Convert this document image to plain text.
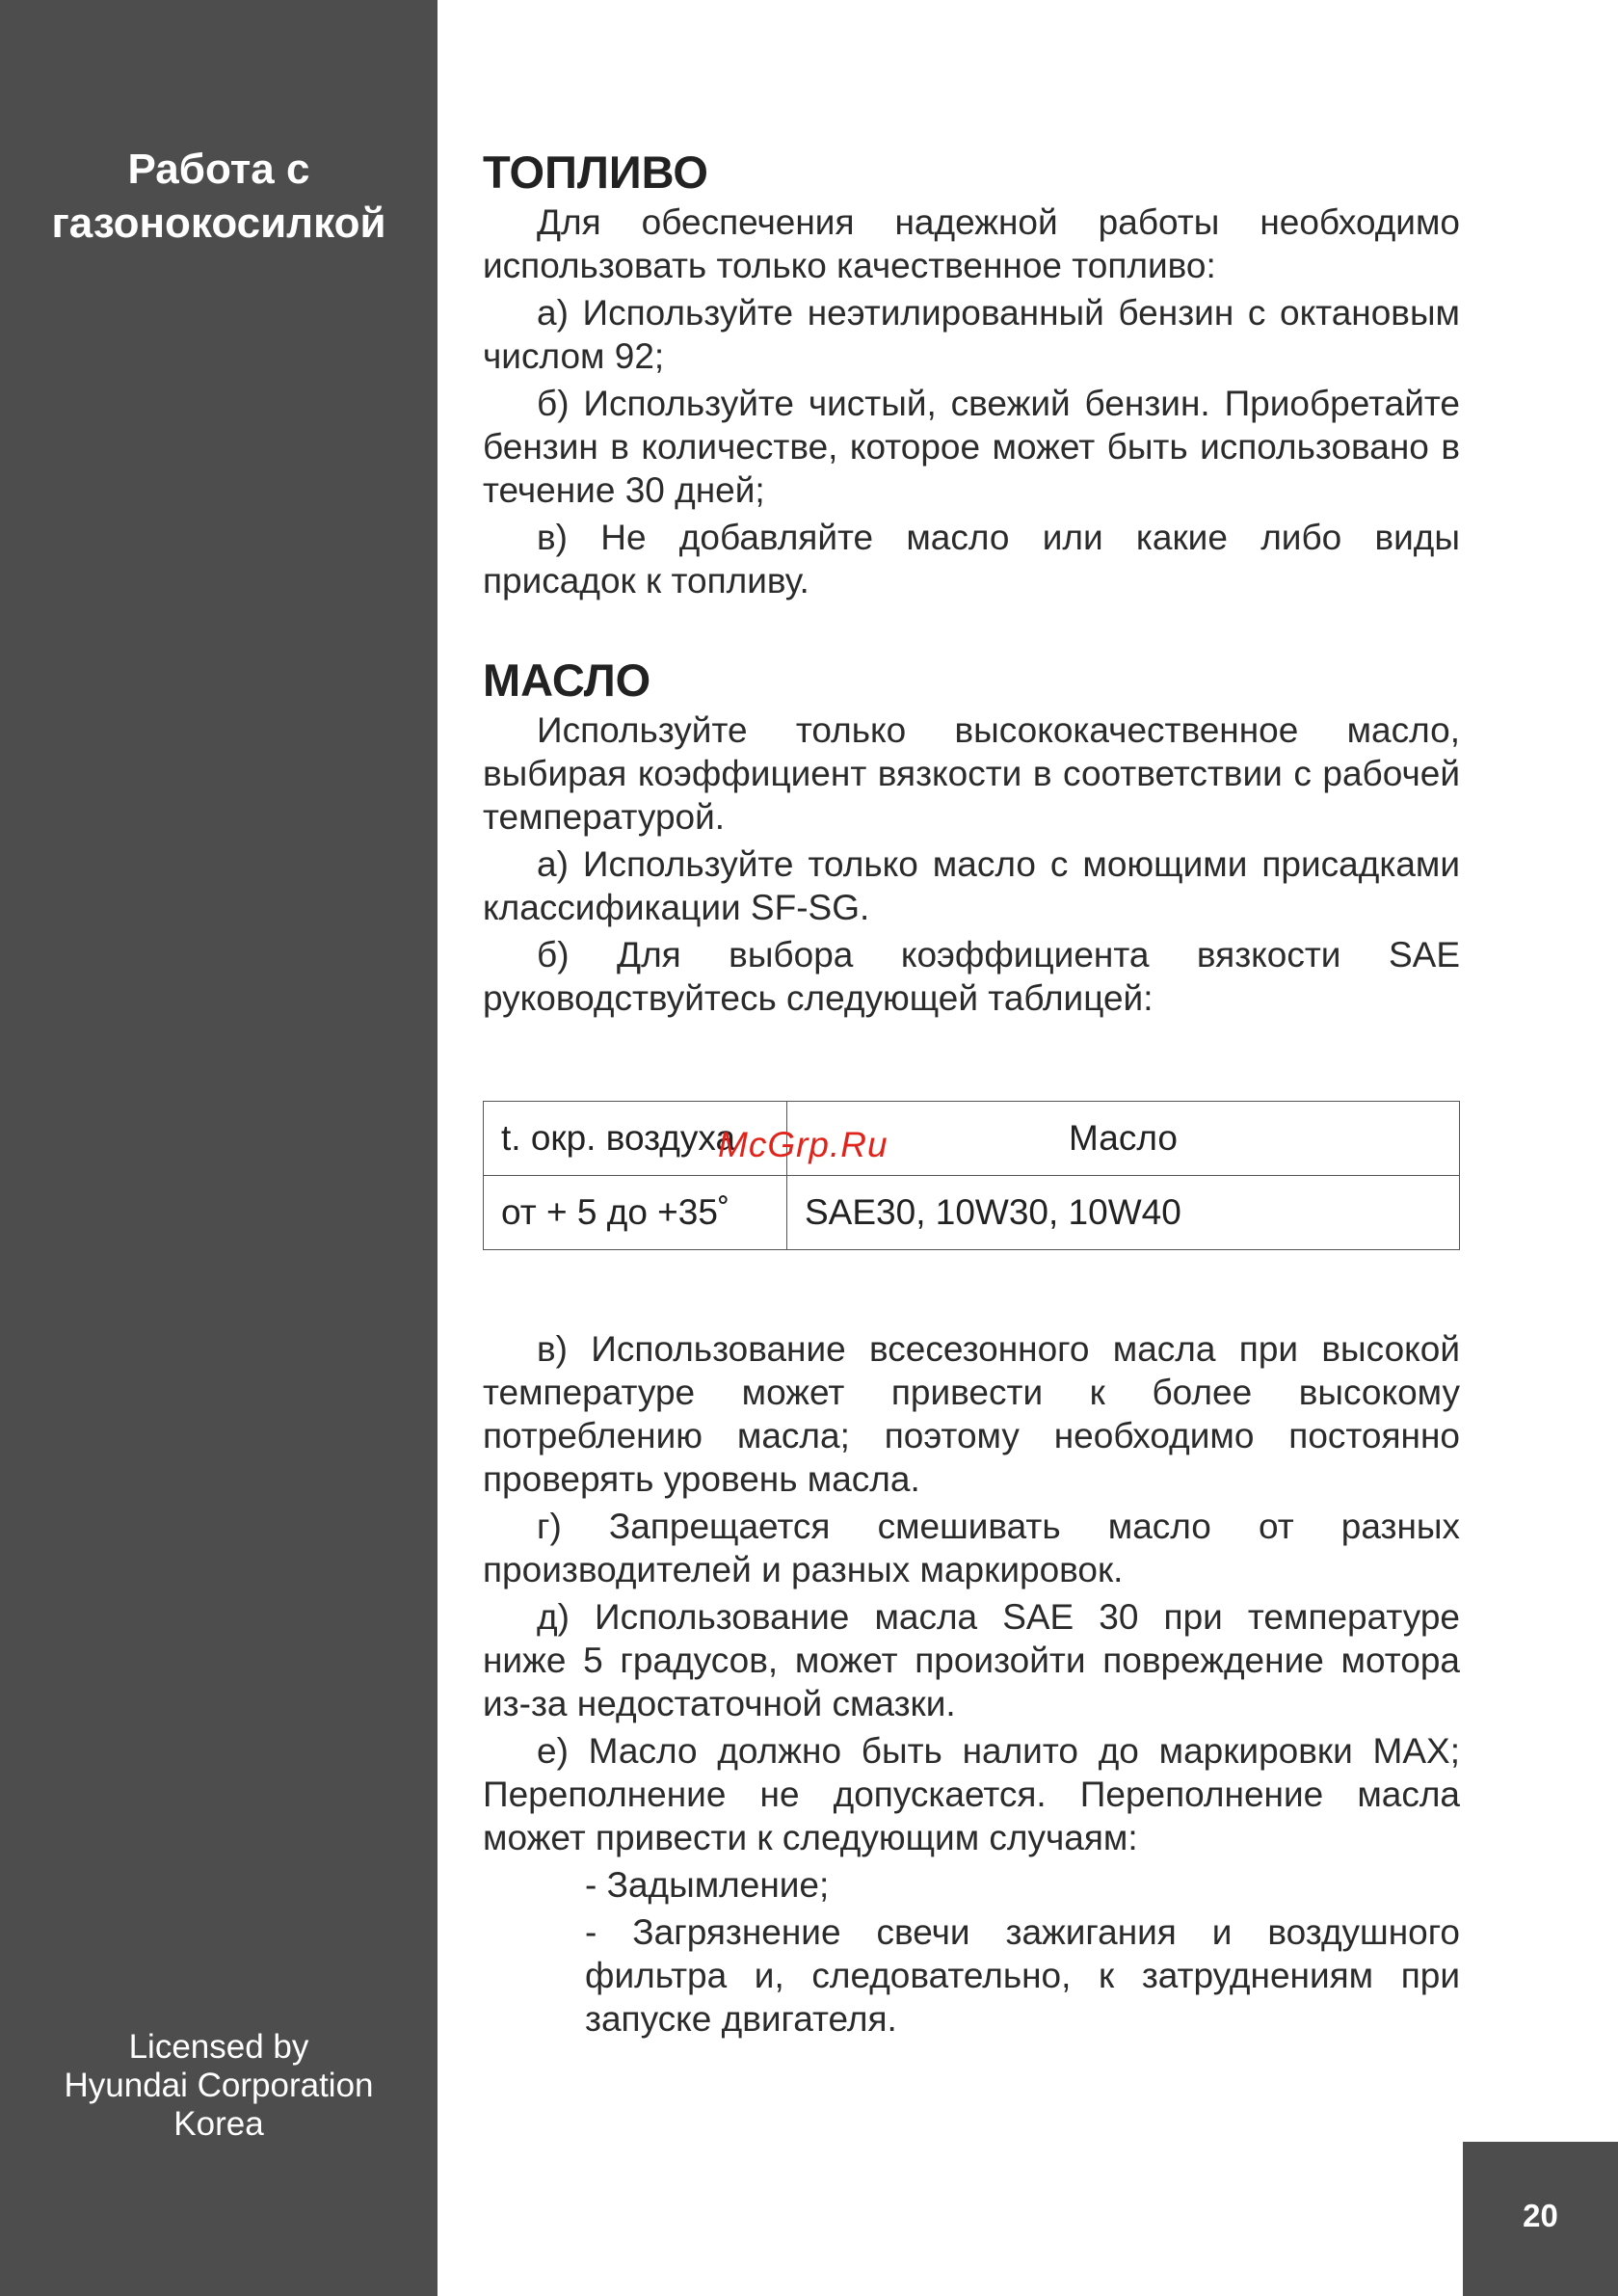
Работа с
газонокосилкой
Licensed by
Hyundai Corporation
Korea
20
ТОПЛИВО

Для обеспечения надежной работы необходимо использовать только качественное топливо:

а) Используйте неэтилированный бензин с октановым числом 92;

б) Используйте чистый, свежий бензин. Приобретайте бензин в количестве, которое может быть использовано в течение 30 дней;

в) Не добавляйте масло или какие либо виды присадок к топливу.

МАСЛО

Используйте только высококачественное масло, выбирая коэффициент вязкости в соответствии с рабочей температурой.

а) Используйте только масло с моющими присадками классификации SF-SG.

б) Для выбора коэффициента вязкости SAE руководствуйтесь следующей таблицей:

t. окр. воздуха	Масло
от + 5 до +35˚	SAE30, 10W30, 10W40

в) Использование всесезонного масла при высокой температуре может привести к более высокому потреблению масла; поэтому необходимо постоянно проверять уровень масла.

г) Запрещается смешивать масло от разных производителей и разных маркировок.

д) Использование масла SAE 30 при температуре ниже 5 градусов, может произойти повреждение мотора из-за недостаточной смазки.

е) Масло должно быть налито до маркировки MAX; Переполнение не допускается. Переполнение масла может привести к следующим случаям:

- Задымление;

- Загрязнение свечи зажигания и воздушного фильтра и, следовательно, к затруднениям при запуске двигателя.

McGrp.Ru
